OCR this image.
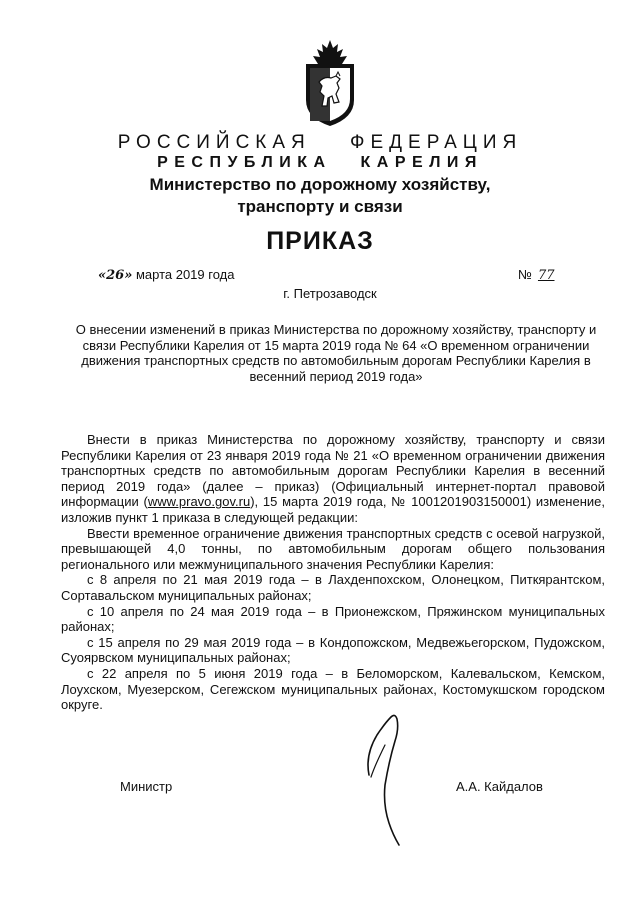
РОССИЙСКАЯ ФЕДЕРАЦИЯ
РЕСПУБЛИКА КАРЕЛИЯ
Министерство по дорожному хозяйству,
транспорту и связи
ПРИКАЗ
«26» марта 2019 года	№ 77
г. Петрозаводск
О внесении изменений в приказ Министерства по дорожному хозяйству, транспорту и связи Республики Карелия от 15 марта 2019 года № 64 «О временном ограничении движения транспортных средств по автомобильным дорогам Республики Карелия в весенний период 2019 года»

Внести в приказ Министерства по дорожному хозяйству, транспорту и связи Республики Карелия от 23 января 2019 года № 21 «О временном ограничении движения транспортных средств по автомобильным дорогам Республики Карелия в весенний период 2019 года» (далее – приказ) (Официальный интернет-портал правовой информации (www.pravo.gov.ru), 15 марта 2019 года, № 1001201903150001) изменение, изложив пункт 1 приказа в следующей редакции:

Ввести временное ограничение движения транспортных средств с осевой нагрузкой, превышающей 4,0 тонны, по автомобильным дорогам общего пользования регионального или межмуниципального значения Республики Карелия:

с 8 апреля по 21 мая 2019 года – в Лахденпохском, Олонецком, Питкярантском, Сортавальском муниципальных районах;

с 10 апреля по 24 мая 2019 года – в Прионежском, Пряжинском муниципальных районах;

с 15 апреля по 29 мая 2019 года – в Кондопожском, Медвежьегорском, Пудожском, Суоярвском муниципальных районах;

с 22 апреля по 5 июня 2019 года – в Беломорском, Калевальском, Кемском, Лоухском, Муезерском, Сегежском муниципальных районах, Костомукшском городском округе.

Министр	А.А. Кайдалов
